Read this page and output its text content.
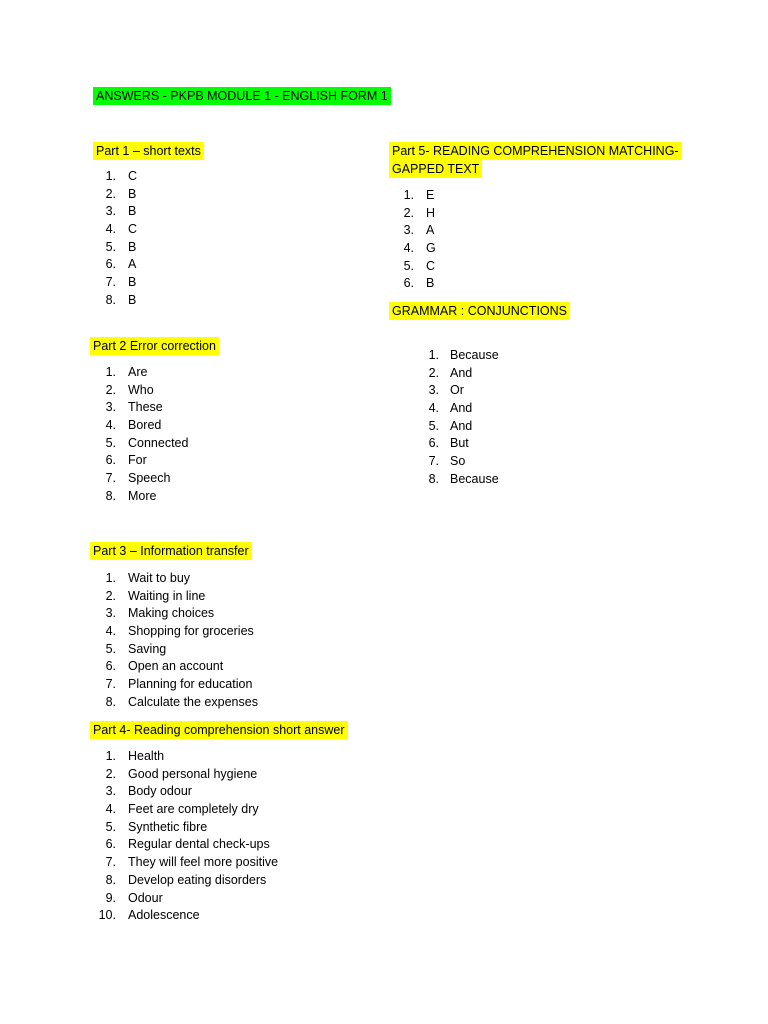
ANSWERS - PKPB MODULE 1 - ENGLISH FORM 1
Part 1 – short texts
1. C
2. B
3. B
4. C
5. B
6. A
7. B
8. B
Part 5- READING COMPREHENSION MATCHING-
GAPPED TEXT
1. E
2. H
3. A
4. G
5. C
6. B
GRAMMAR : CONJUNCTIONS
1. Because
2. And
3. Or
4. And
5. And
6. But
7. So
8. Because
Part 2 Error correction
1. Are
2. Who
3. These
4. Bored
5. Connected
6. For
7. Speech
8. More
Part 3 – Information transfer
1. Wait to buy
2. Waiting in line
3. Making choices
4. Shopping for groceries
5. Saving
6. Open an account
7. Planning for education
8. Calculate the expenses
Part 4- Reading comprehension short answer
1. Health
2. Good personal hygiene
3. Body odour
4. Feet are completely dry
5. Synthetic fibre
6. Regular dental check-ups
7. They will feel more positive
8. Develop eating disorders
9. Odour
10. Adolescence
